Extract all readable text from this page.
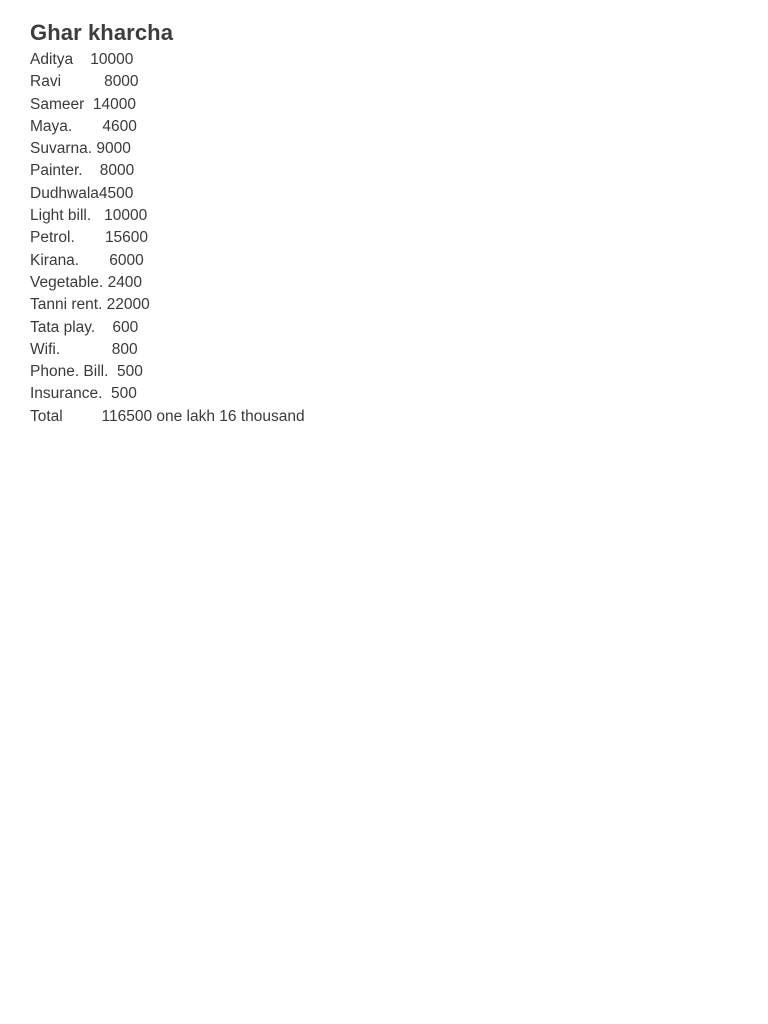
Ghar kharcha
Aditya    10000
Ravi          8000
Sameer  14000
Maya.       4600
Suvarna. 9000
Painter.    8000
Dudhwala4500
Light bill.   10000
Petrol.       15600
Kirana.       6000
Vegetable. 2400
Tanni rent. 22000
Tata play.    600
Wifi.            800
Phone. Bill.  500
Insurance.  500
Total         116500 one lakh 16 thousand
